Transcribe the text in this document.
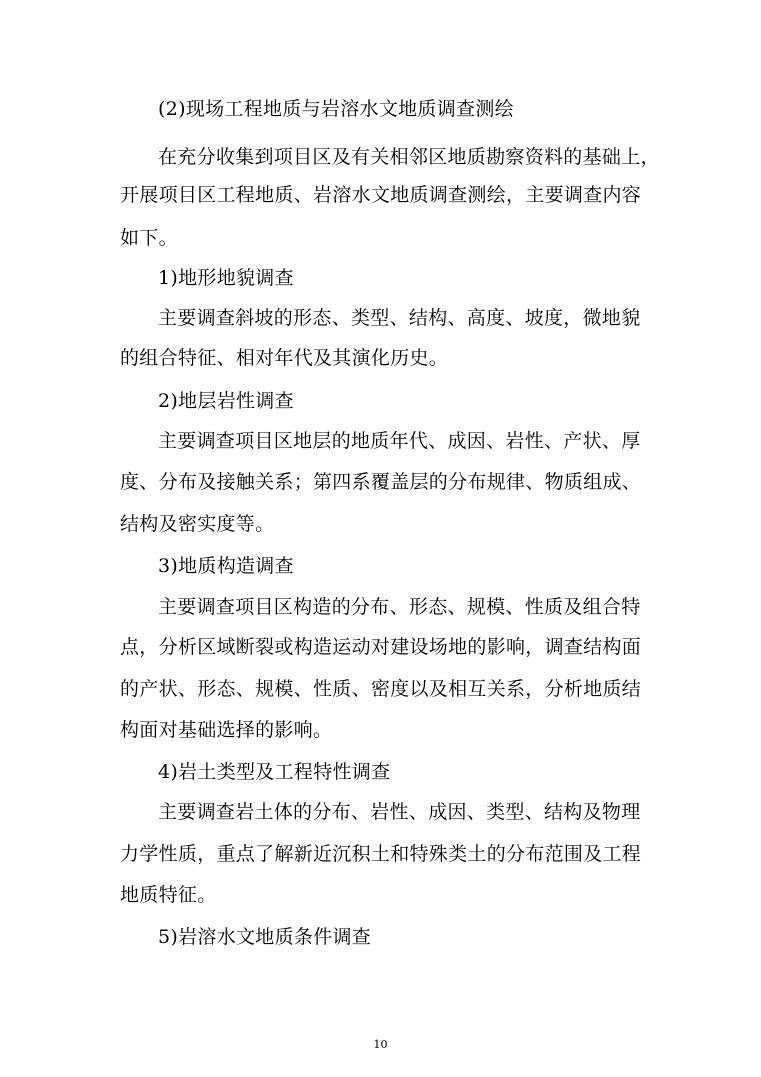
(2)现场工程地质与岩溶水文地质调查测绘
在充分收集到项目区及有关相邻区地质勘察资料的基础上，
开展项目区工程地质、岩溶水文地质调查测绘，主要调查内容
如下。
1)地形地貌调查
主要调查斜坡的形态、类型、结构、高度、坡度，微地貌
的组合特征、相对年代及其演化历史。
2)地层岩性调查
主要调查项目区地层的地质年代、成因、岩性、产状、厚
度、分布及接触关系；第四系覆盖层的分布规律、物质组成、
结构及密实度等。
3)地质构造调查
主要调查项目区构造的分布、形态、规模、性质及组合特
点，分析区域断裂或构造运动对建设场地的影响，调查结构面
的产状、形态、规模、性质、密度以及相互关系，分析地质结
构面对基础选择的影响。
4)岩土类型及工程特性调查
主要调查岩土体的分布、岩性、成因、类型、结构及物理
力学性质，重点了解新近沉积土和特殊类土的分布范围及工程
地质特征。
5)岩溶水文地质条件调查
10
